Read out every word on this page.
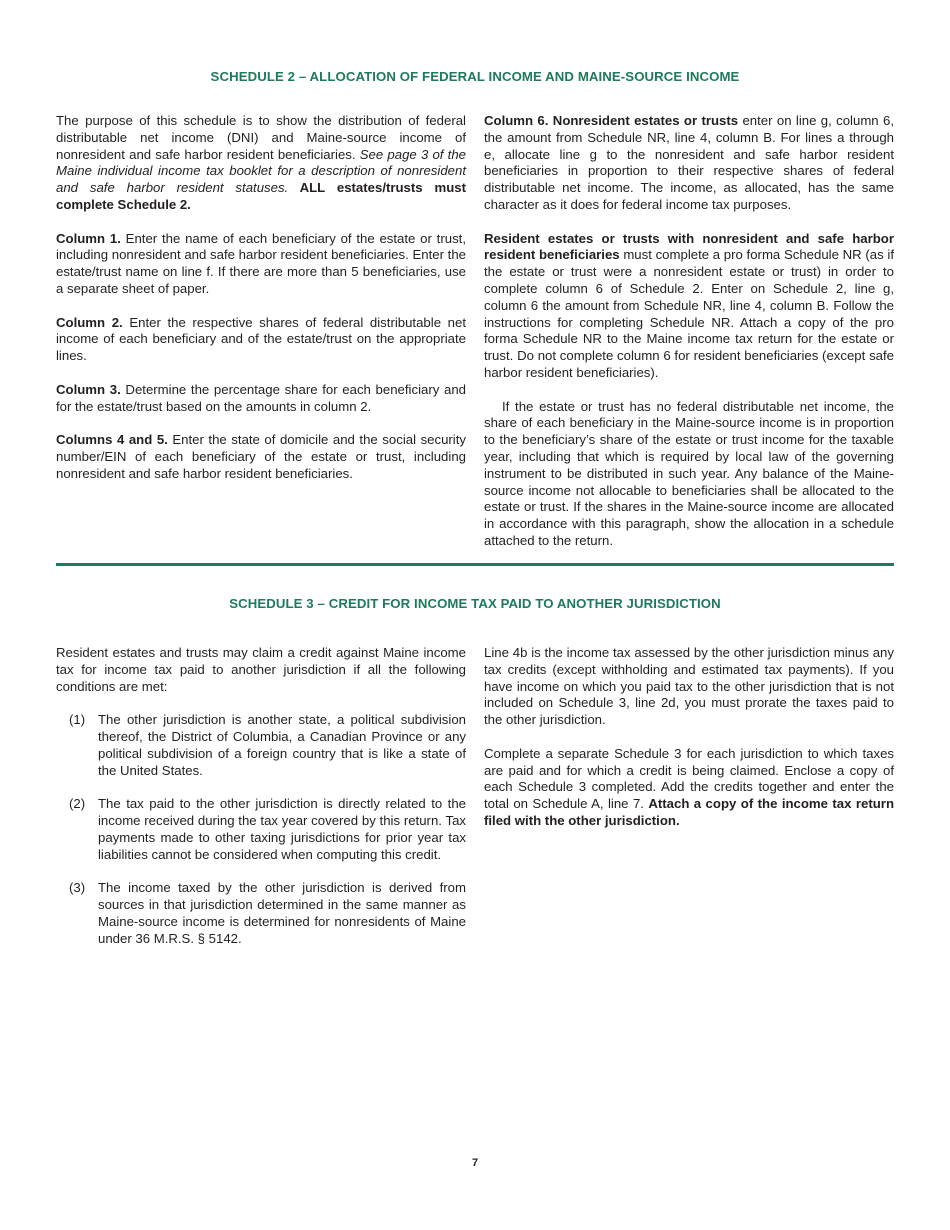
SCHEDULE 2 – ALLOCATION OF FEDERAL INCOME AND MAINE-SOURCE INCOME

The purpose of this schedule is to show the distribution of federal distributable net income (DNI) and Maine-source income of nonresident and safe harbor resident beneficiaries. See page 3 of the Maine individual income tax booklet for a description of nonresident and safe harbor resident statuses. ALL estates/trusts must complete Schedule 2.

Column 1. Enter the name of each beneficiary of the estate or trust, including nonresident and safe harbor resident beneficiaries. Enter the estate/trust name on line f. If there are more than 5 beneficiaries, use a separate sheet of paper.

Column 2. Enter the respective shares of federal distributable net income of each beneficiary and of the estate/trust on the appropriate lines.

Column 3. Determine the percentage share for each beneficiary and for the estate/trust based on the amounts in column 2.

Columns 4 and 5. Enter the state of domicile and the social security number/EIN of each beneficiary of the estate or trust, including nonresident and safe harbor resident beneficiaries.

Column 6. Nonresident estates or trusts enter on line g, column 6, the amount from Schedule NR, line 4, column B. For lines a through e, allocate line g to the nonresident and safe harbor resident beneficiaries in proportion to their respective shares of federal distributable net income. The income, as allocated, has the same character as it does for federal income tax purposes.

Resident estates or trusts with nonresident and safe harbor resident beneficiaries must complete a pro forma Schedule NR (as if the estate or trust were a nonresident estate or trust) in order to complete column 6 of Schedule 2. Enter on Schedule 2, line g, column 6 the amount from Schedule NR, line 4, column B. Follow the instructions for completing Schedule NR. Attach a copy of the pro forma Schedule NR to the Maine income tax return for the estate or trust. Do not complete column 6 for resident beneficiaries (except safe harbor resident beneficiaries).

If the estate or trust has no federal distributable net income, the share of each beneficiary in the Maine-source income is in proportion to the beneficiary’s share of the estate or trust income for the taxable year, including that which is required by local law of the governing instrument to be distributed in such year. Any balance of the Maine-source income not allocable to beneficiaries shall be allocated to the estate or trust. If the shares in the Maine-source income are allocated in accordance with this paragraph, show the allocation in a schedule attached to the return.

SCHEDULE 3 – CREDIT FOR INCOME TAX PAID TO ANOTHER JURISDICTION

Resident estates and trusts may claim a credit against Maine income tax for income tax paid to another jurisdiction if all the following conditions are met:

(1) The other jurisdiction is another state, a political subdivision thereof, the District of Columbia, a Canadian Province or any political subdivision of a foreign country that is like a state of the United States.
(2) The tax paid to the other jurisdiction is directly related to the income received during the tax year covered by this return. Tax payments made to other taxing jurisdictions for prior year tax liabilities cannot be considered when computing this credit.
(3) The income taxed by the other jurisdiction is derived from sources in that jurisdiction determined in the same manner as Maine-source income is determined for nonresidents of Maine under 36 M.R.S. § 5142.

Line 4b is the income tax assessed by the other jurisdiction minus any tax credits (except withholding and estimated tax payments). If you have income on which you paid tax to the other jurisdiction that is not included on Schedule 3, line 2d, you must prorate the taxes paid to the other jurisdiction.

Complete a separate Schedule 3 for each jurisdiction to which taxes are paid and for which a credit is being claimed. Enclose a copy of each Schedule 3 completed. Add the credits together and enter the total on Schedule A, line 7. Attach a copy of the income tax return filed with the other jurisdiction.

7
